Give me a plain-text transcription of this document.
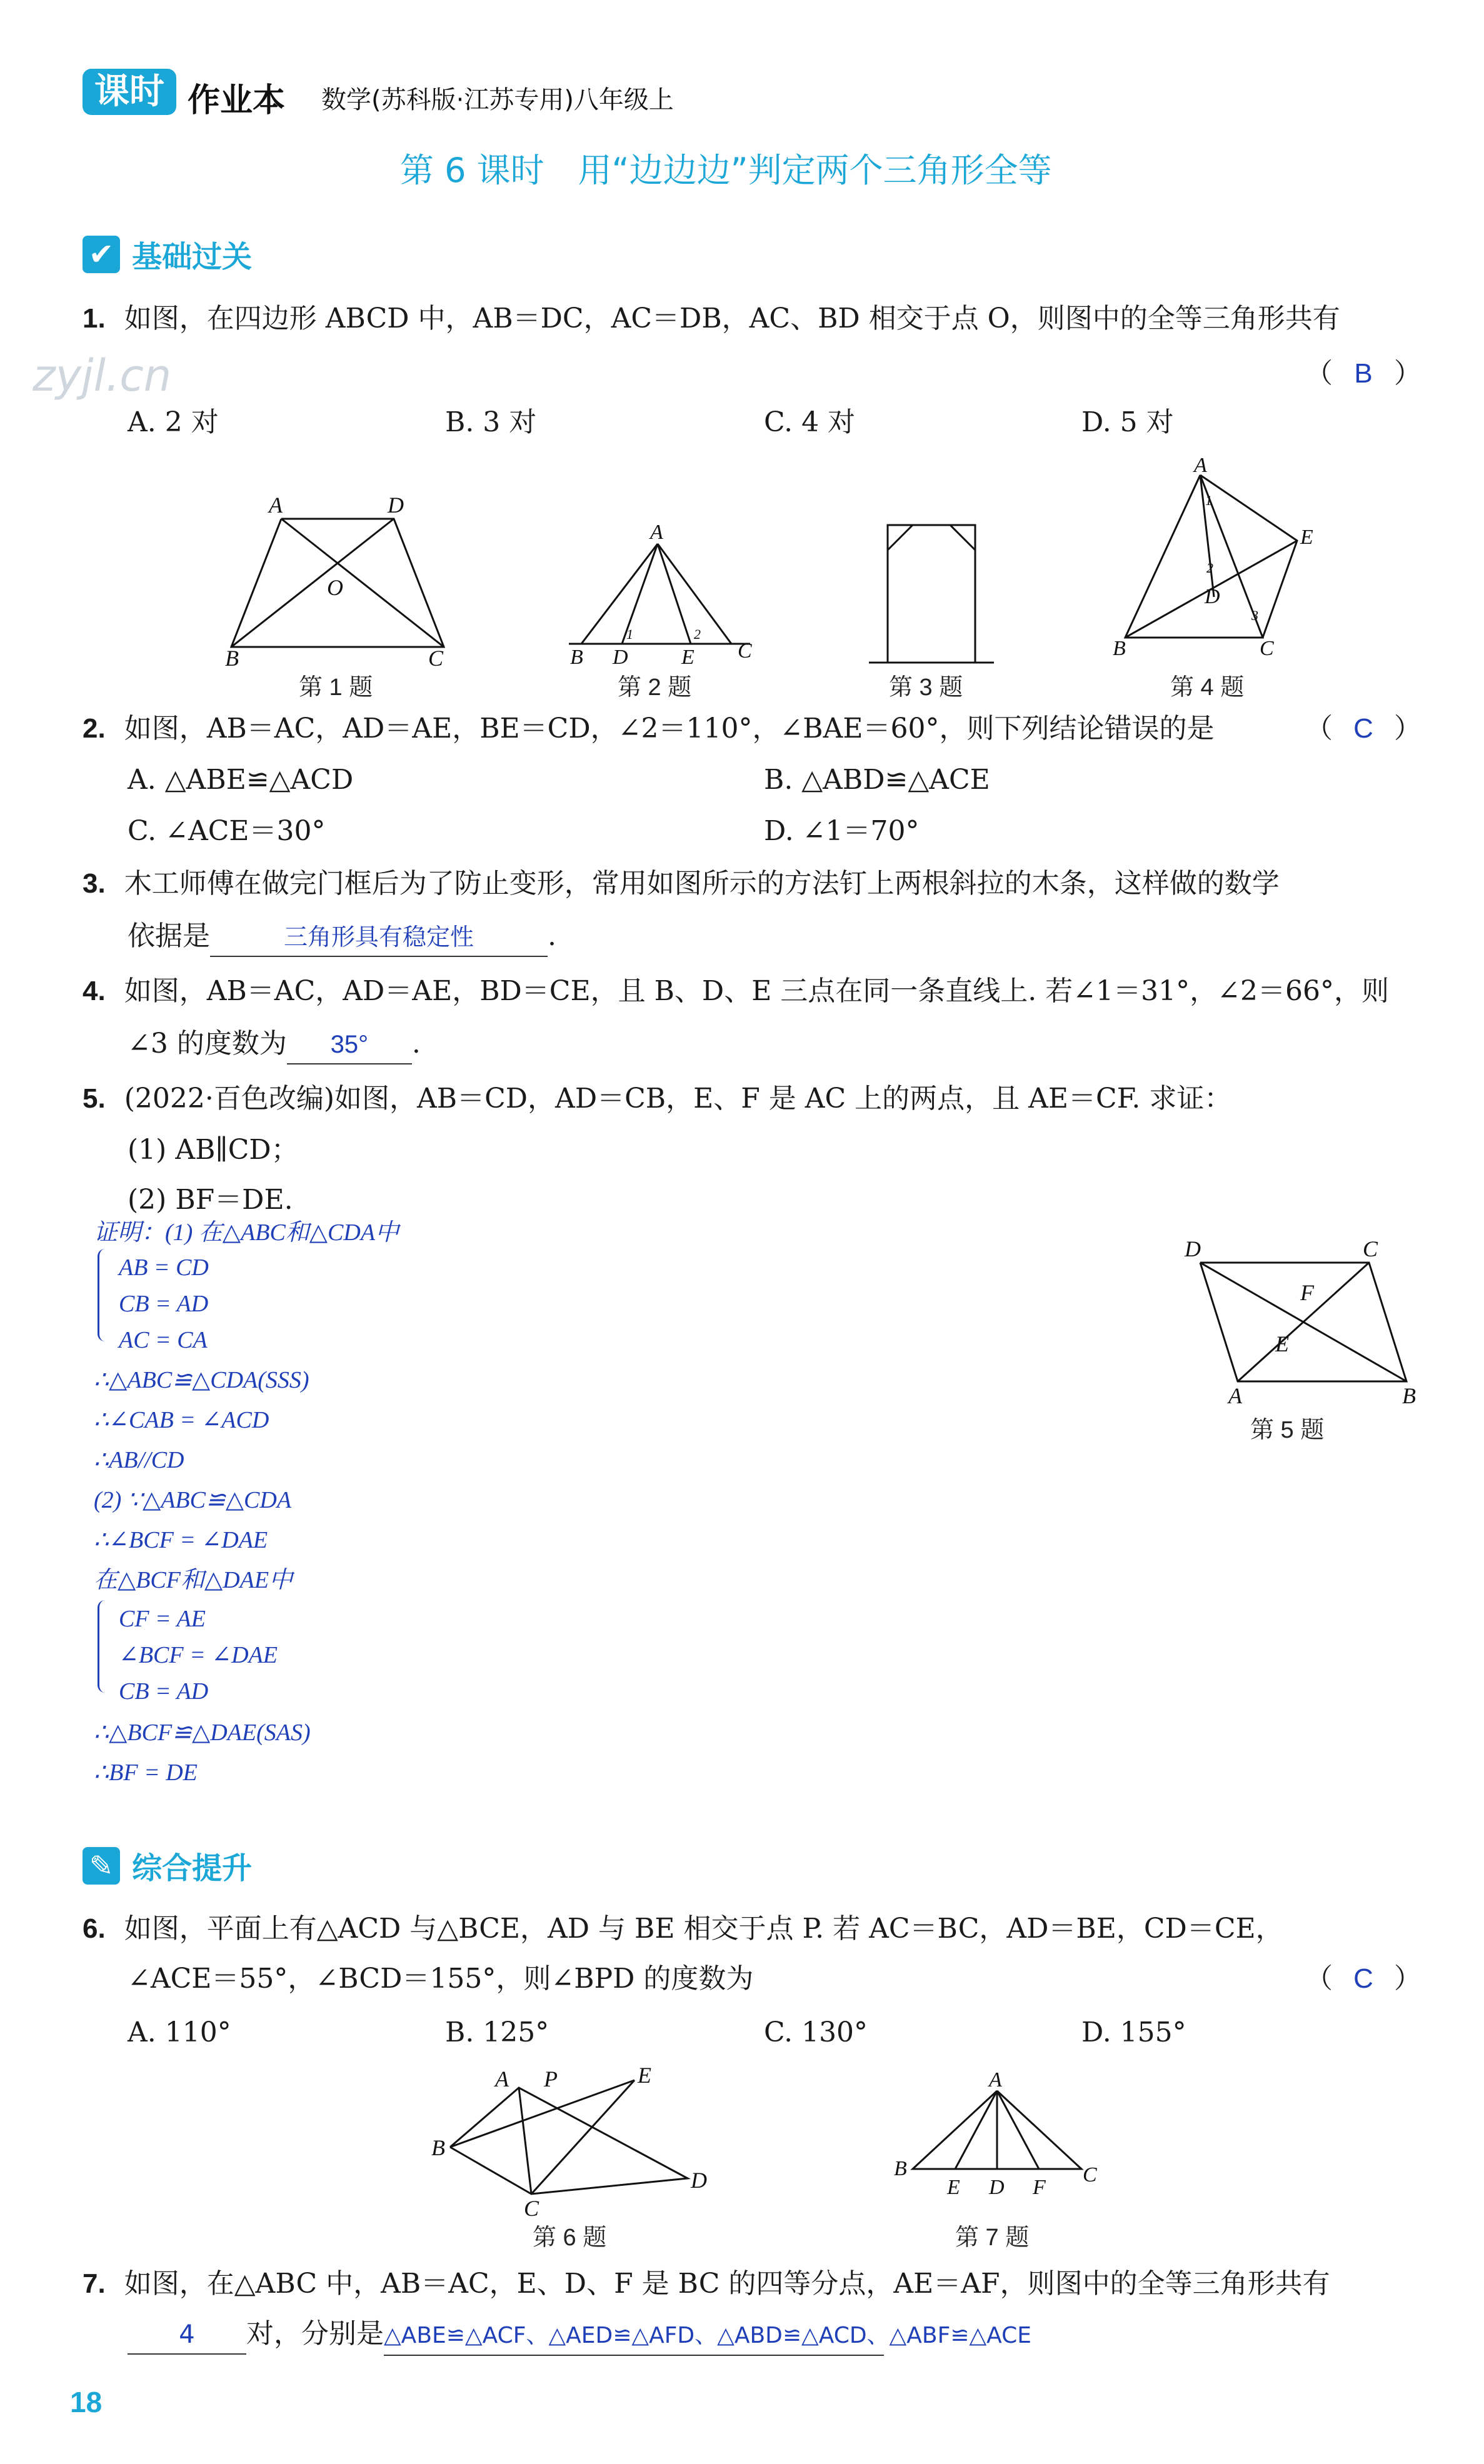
课时 作业本 数学(苏科版·江苏专用)八年级上
第 6 课时　用“边边边”判定两个三角形全等
✔ 基础过关
zyjl.cn
1. 如图，在四边形 ABCD 中，AB＝DC，AC＝DB，AC、BD 相交于点 O，则图中的全等三角形共有
（ B ）
A. 2 对	B. 3 对	C. 4 对	D. 5 对
A	D
B	C
O
第 1 题
A
B D	E C
1	2
第 2 题	第 3 题
A
B	C
D
E
1
2
3
第 4 题
2. 如图，AB＝AC，AD＝AE，BE＝CD，∠2＝110°，∠BAE＝60°，则下列结论错误的是	（ C ）
A. △ABE≌△ACD	B. △ABD≌△ACE
C. ∠ACE＝30°	D. ∠1＝70°
3. 木工师傅在做完门框后为了防止变形，常用如图所示的方法钉上两根斜拉的木条，这样做的数学
依据是	三角形具有稳定性	.
4. 如图，AB＝AC，AD＝AE，BD＝CE，且 B、D、E 三点在同一条直线上. 若∠1＝31°，∠2＝66°，则
∠3 的度数为 35° .
5. (2022·百色改编)如图，AB＝CD，AD＝CB，E、F 是 AC 上的两点，且 AE＝CF. 求证：
(1) AB∥CD；
(2) BF＝DE.
D	C
A	B
F
E
第 5 题
证明：(1) 在△ABC和△CDA中
AB = CD
CB = AD
AC = CA
∴△ABC≌△CDA(SSS)
∴∠CAB = ∠ACD
∴AB//CD
(2) ∵△ABC≌△CDA
∴∠BCF = ∠DAE
在△BCF和△DAE中
CF = AE
∠BCF = ∠DAE
CB = AD
∴△BCF≌△DAE(SAS)
∴BF = DE
✎ 综合提升
6. 如图，平面上有△ACD 与△BCE，AD 与 BE 相交于点 P. 若 AC＝BC，AD＝BE，CD＝CE，
∠ACE＝55°，∠BCD＝155°，则∠BPD 的度数为	（ C ）
A. 110°	B. 125°	C. 130°	D. 155°
A P	E
B
C
D
第 6 题
A
B
E D F
C
第 7 题
7. 如图，在△ABC 中，AB＝AC，E、D、F 是 BC 的四等分点，AE＝AF，则图中的全等三角形共有
4 对，分别是△ABE≌△ACF、△AED≌△AFD、△ABD≌△ACD、△ABF≌△ACE
18
